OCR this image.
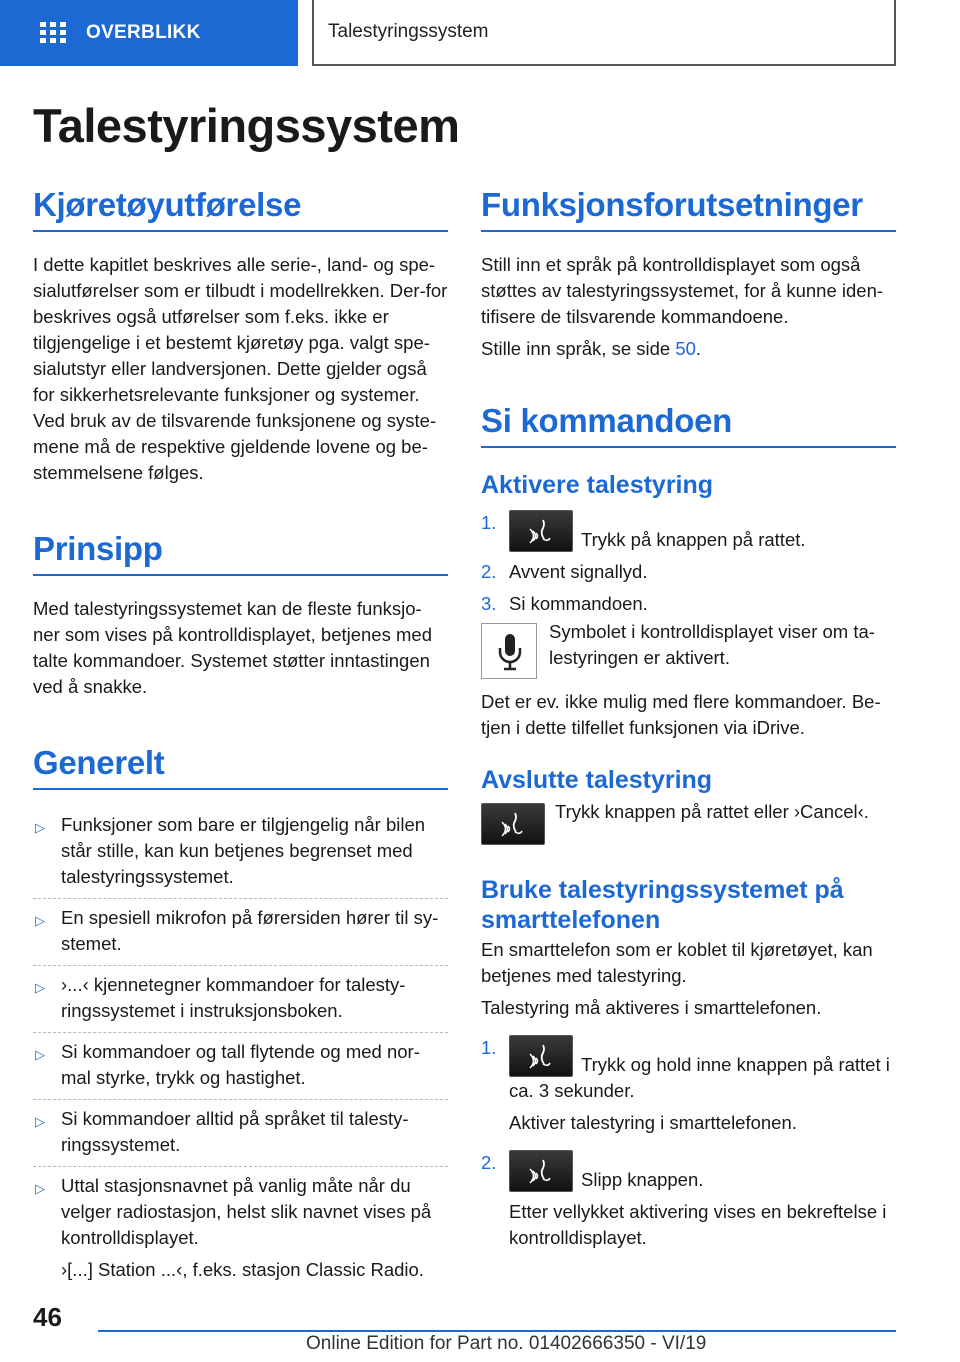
OVERBLIKK	Talestyringssystem
Talestyringssystem
Kjøretøyutførelse

I dette kapitlet beskrives alle serie-, land- og spe-sialutførelser som er tilbudt i modellrekken. Der-for beskrives også utførelser som f.eks. ikke er tilgjengelige i et bestemt kjøretøy pga. valgt spe-sialutstyr eller landversjonen. Dette gjelder også for sikkerhetsrelevante funksjoner og systemer. Ved bruk av de tilsvarende funksjonene og syste-mene må de respektive gjeldende lovene og be-stemmelsene følges.

Prinsipp

Med talestyringssystemet kan de fleste funksjo-ner som vises på kontrolldisplayet, betjenes med talte kommandoer. Systemet støtter inntastingen ved å snakke.

Generelt
▷ Funksjoner som bare er tilgjengelig når bilen står stille, kan kun betjenes begrenset med talestyringssystemet.
▷ En spesiell mikrofon på førersiden hører til sy-stemet.
▷ ›...‹ kjennetegner kommandoer for talesty-ringssystemet i instruksjonsboken.
▷ Si kommandoer og tall flytende og med nor-mal styrke, trykk og hastighet.
▷ Si kommandoer alltid på språket til talesty-ringssystemet.
▷ Uttal stasjonsnavnet på vanlig måte når du velger radiostasjon, helst slik navnet vises på kontrolldisplayet.
›[...] Station ...‹, f.eks. stasjon Classic Radio.
Funksjonsforutsetninger

Still inn et språk på kontrolldisplayet som også støttes av talestyringssystemet, for å kunne iden-tifisere de tilsvarende kommandoene.

Stille inn språk, se side 50.

Si kommandoen
Aktivere talestyring
1.
Trykk på knappen på rattet.
2. Avvent signallyd.
3. Si kommandoen.

Symbolet i kontrolldisplayet viser om ta-lestyringen er aktivert.

Det er ev. ikke mulig med flere kommandoer. Be-tjen i dette tilfellet funksjonen via iDrive.

Avslutte talestyring

Trykk knappen på rattet eller ›Cancel‹.

Bruke talestyringssystemet på smarttelefonen

En smarttelefon som er koblet til kjøretøyet, kan betjenes med talestyring.

Talestyring må aktiveres i smarttelefonen.

1.
Trykk og hold inne knappen på rattet i ca. 3 sekunder.
Aktiver talestyring i smarttelefonen.
2.
Slipp knappen.
Etter vellykket aktivering vises en bekreftelse i kontrolldisplayet.
46
Online Edition for Part no. 01402666350 - VI/19
